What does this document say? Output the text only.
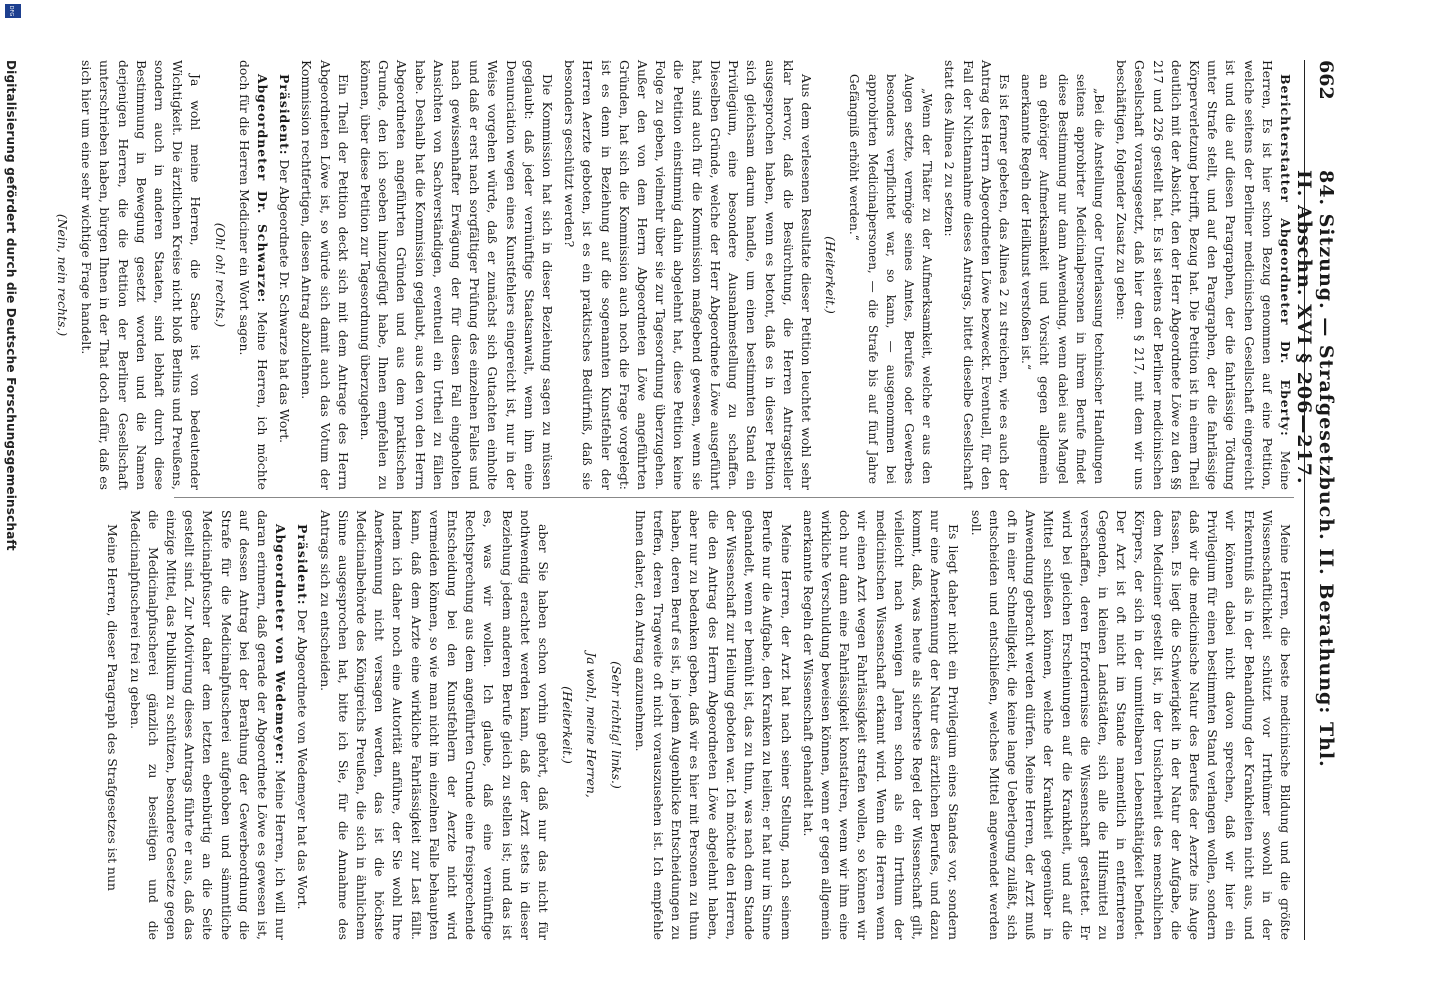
662
84. Sitzung. — Strafgesetzbuch. II. Berathung: Thl. II. Abschn. XVI § 206—217.

Berichterstatter Abgeordneter Dr. Eberty: Meine Herren, Es ist hier schon Bezug genommen auf eine Petition, welche seitens der Berliner medicinischen Gesellschaft eingereicht ist und die auf diesen Paragraphen, der die fahrlässige Tödtung unter Strafe stellt, und auf den Paragraphen, der die fahrlässige Körperverletzung betrifft, Bezug hat. Die Petition ist in einem Theil deutlich mit der Absicht, den der Herr Abgeordnete Löwe zu den §§ 217 und 226 gestellt hat. Es ist seitens der Berliner medicinischen Gesellschaft vorausgesetzt, daß hier dem § 217, mit dem wir uns beschäftigen, folgender Zusatz zu geben:

„Bei die Anstellung oder Unterlassung technischer Handlungen seitens approbirter Medicinalpersonen in ihrem Berufe findet diese Bestimmung nur dann Anwendung, wenn dabei aus Mangel an gehöriger Aufmerksamkeit und Vorsicht gegen allgemein anerkannte Regeln der Heilkunst verstoßen ist.“

Es ist ferner gebeten, das Alinea 2 zu streichen, wie es auch der Antrag des Herrn Abgeordneten Löwe bezweckt. Eventuell, für den Fall der Nichtannahme dieses Antrags, bittet dieselbe Gesellschaft statt des Alinea 2 zu setzen:

„Wenn der Thäter zu der Aufmerksamkeit, welche er aus den Augen setzte, vermöge seines Amtes, Berufes oder Gewerbes besonders verpflichtet war, so kann, — ausgenommen bei approbirten Medicinalpersonen, — die Strafe bis auf fünf Jahre Gefängniß erhöht werden.“

(Heiterkeit.)

Aus dem verlesenen Resultate dieser Petition leuchtet wohl sehr klar hervor, daß die Besürchtung, die Herren Antragsteller ausgesprochen haben, wenn es betont, daß es in dieser Petition sich gleichsam darum handle, um einen bestimmten Stand ein Privilegium, eine besondere Ausnahmestellung zu schaffen. Dieselben Gründe, welche der Herr Abgeordnete Löwe ausgeführt hat, sind auch für die Kommission maßgebend gewesen, wenn sie die Petition einstimmig dahin abgelehnt hat, diese Petition keine Folge zu geben, vielmehr über sie zur Tagesordnung überzugehen. Außer den von dem Herrn Abgeordneten Löwe angeführten Gründen, hat sich die Kommission auch noch die Frage vorgelegt: ist es denn in Beziehung auf die sogenannten Kunstfehler der Herren Aerzte geboten, ist es ein praktisches Bedürfniß, daß sie besonders geschützt werden?

Die Kommission hat sich in dieser Beziehung sagen zu müssen geglaubt: daß jeder vernünftige Staatsanwalt, wenn ihm eine Denunciation wegen eines Kunstfehlers eingereicht ist, nur in der Weise vorgehen würde, daß er zunächst sich Gutachten einholte und daß er erst nach sorgfältiger Prüfung des einzelnen Falles und nach gewissenhafter Erwägung der für diesen Fall eingeholten Ansichten von Sachverständigen, eventuell ein Urtheil zu fällen habe. Deshalb hat die Kommission geglaubt, aus den von den Herrn Abgeordneten angeführten Gründen und aus dem praktischen Grunde, den ich soeben hinzugefügt habe, Ihnen empfehlen zu können, über diese Petition zur Tagesordnung überzugehen.

Ein Theil der Petition deckt sich mit dem Antrage des Herrn Abgeordneten Löwe ist, so würde sich damit auch das Votum der Kommission rechtfertigen, diesen Antrag abzulehnen.

Präsident: Der Abgeordnete Dr. Schwarze hat das Wort.

Abgeordneter Dr. Schwarze: Meine Herren, ich möchte doch für die Herren Mediciner ein Wort sagen.

(Oh! oh! rechts.)

Ja wohl meine Herren, die Sache ist von bedeutender Wichtigkeit. Die ärztlichen Kreise nicht bloß Berlins und Preußens, sondern auch in anderen Staaten, sind lebhaft durch diese Bestimmung in Bewegung gesetzt worden und die Namen derjenigen Herren, die die Petition der Berliner Gesellschaft unterschrieben haben, bürgen Ihnen in der That doch dafür, daß es sich hier um eine sehr wichtige Frage handelt.

(Nein, nein rechts.)

Meine Herren, die beste medicinische Bildung und die größte Wissenschaftlichkeit schützt vor Irrthümer sowohl in der Erkenntniß als in der Behandlung der Krankheiten nicht aus, und wir können dabei nicht davon sprechen, daß wir hier ein Privilegium für einen bestimmten Stand verlangen wollen, sondern daß wir die medicinische Natur des Berufes der Aerzte ins Auge fassen. Es liegt die Schwierigkeit in der Natur der Aufgabe, die dem Mediciner gestellt ist, in der Unsicherheit des menschlichen Körpers, der sich in der unmittelbaren Lebensthätigkeit befindet. Der Arzt ist oft nicht im Stande namentlich in entfernteren Gegenden, in kleinen Landstädten, sich alle die Hilfsmittel zu verschaffen, deren Erfordernisse die Wissenschaft gestattet. Er wird bei gleichen Erscheinungen auf die Krankheit, und auf die Mittel schließen können, welche der Krankheit gegenüber in Anwendung gebracht werden dürfen. Meine Herren, der Arzt muß oft in einer Schnelligkeit, die keine lange Ueberlegung zuläßt, sich entscheiden und entschließen, welches Mittel angewendet werden soll.

Es liegt daher nicht ein Privilegium eines Standes vor, sondern nur eine Anerkennung der Natur des ärztlichen Berufes, und dazu kommt, daß, was heute als sicherste Regel der Wissenschaft gilt, vielleicht nach wenigen Jahren schon als ein Irrthum der medicinischen Wissenschaft erkannt wird. Wenn die Herren wenn wir einen Arzt wegen Fahrlässigkeit strafen wollen, so können wir doch nur dann eine Fahrlässigkeit konstatiren, wenn wir ihm eine wirkliche Verschuldung beweisen können, wenn er gegen allgemein anerkannte Regeln der Wissenschaft gehandelt hat.

Meine Herren, der Arzt hat nach seiner Stellung, nach seinem Berufe nur die Aufgabe, den Kranken zu heilen; er hat nur im Sinne gehandelt, wenn er bemüht ist, das zu thun, was nach dem Stande der Wissenschaft zur Heilung geboten war. Ich möchte den Herren, die den Antrag des Herrn Abgeordneten Löwe abgelehnt haben, aber nur zu bedenken geben, daß wir es hier mit Personen zu thun haben, deren Beruf es ist, in jedem Augenblicke Entscheidungen zu treffen, deren Tragweite oft nicht vorauszusehen ist. Ich empfehle Ihnen daher, den Antrag anzunehmen.

(Sehr richtig! links.)

Ja wohl, meine Herren,

(Heiterkeit.)

aber Sie haben schon vorhin gehört, daß nur das nicht für nothwendig erachtet werden kann, daß der Arzt stets in dieser Beziehung jedem anderen Berufe gleich zu stellen ist; und das ist es, was wir wollen. Ich glaube, daß eine vernünftige Rechtsprechung aus dem angeführten Grunde eine freisprechende Entscheidung bei den Kunstfehlern der Aerzte nicht wird vermeiden können, so wie man nicht im einzelnen Falle behaupten kann, daß dem Arzte eine wirkliche Fahrlässigkeit zur Last fällt. Indem ich daher noch eine Autorität anführe, der Sie wohl Ihre Anerkennung nicht versagen werden, das ist die höchste Medicinalbehörde des Königreichs Preußen, die sich in ähnlichem Sinne ausgesprochen hat, bitte ich Sie, für die Annahme des Antrags sich zu entscheiden.

Präsident: Der Abgeordnete von Wedemeyer hat das Wort.

Abgeordneter von Wedemeyer: Meine Herren, ich will nur daran erinnern, daß gerade der Abgeordnete Löwe es gewesen ist, auf dessen Antrag bei der Berathung der Gewerbeordnung die Strafe für die Medicinalpfuscherei aufgehoben und sämmtliche Medicinalpfuscher daher dem letzten ebenbürtig an die Seite gestellt sind. Zur Motivirung dieses Antrags führte er aus, daß das einzige Mittel, das Publikum zu schützen, besondere Gesetze gegen die Medicinalpfuscherei gänzlich zu beseitigen und die Medicinalpfuscherei frei zu geben.

Meine Herren, dieser Paragraph des Strafgesetzes ist nun

DFG
Digitalisierung gefördert durch die Deutsche Forschungsgemeinschaft
